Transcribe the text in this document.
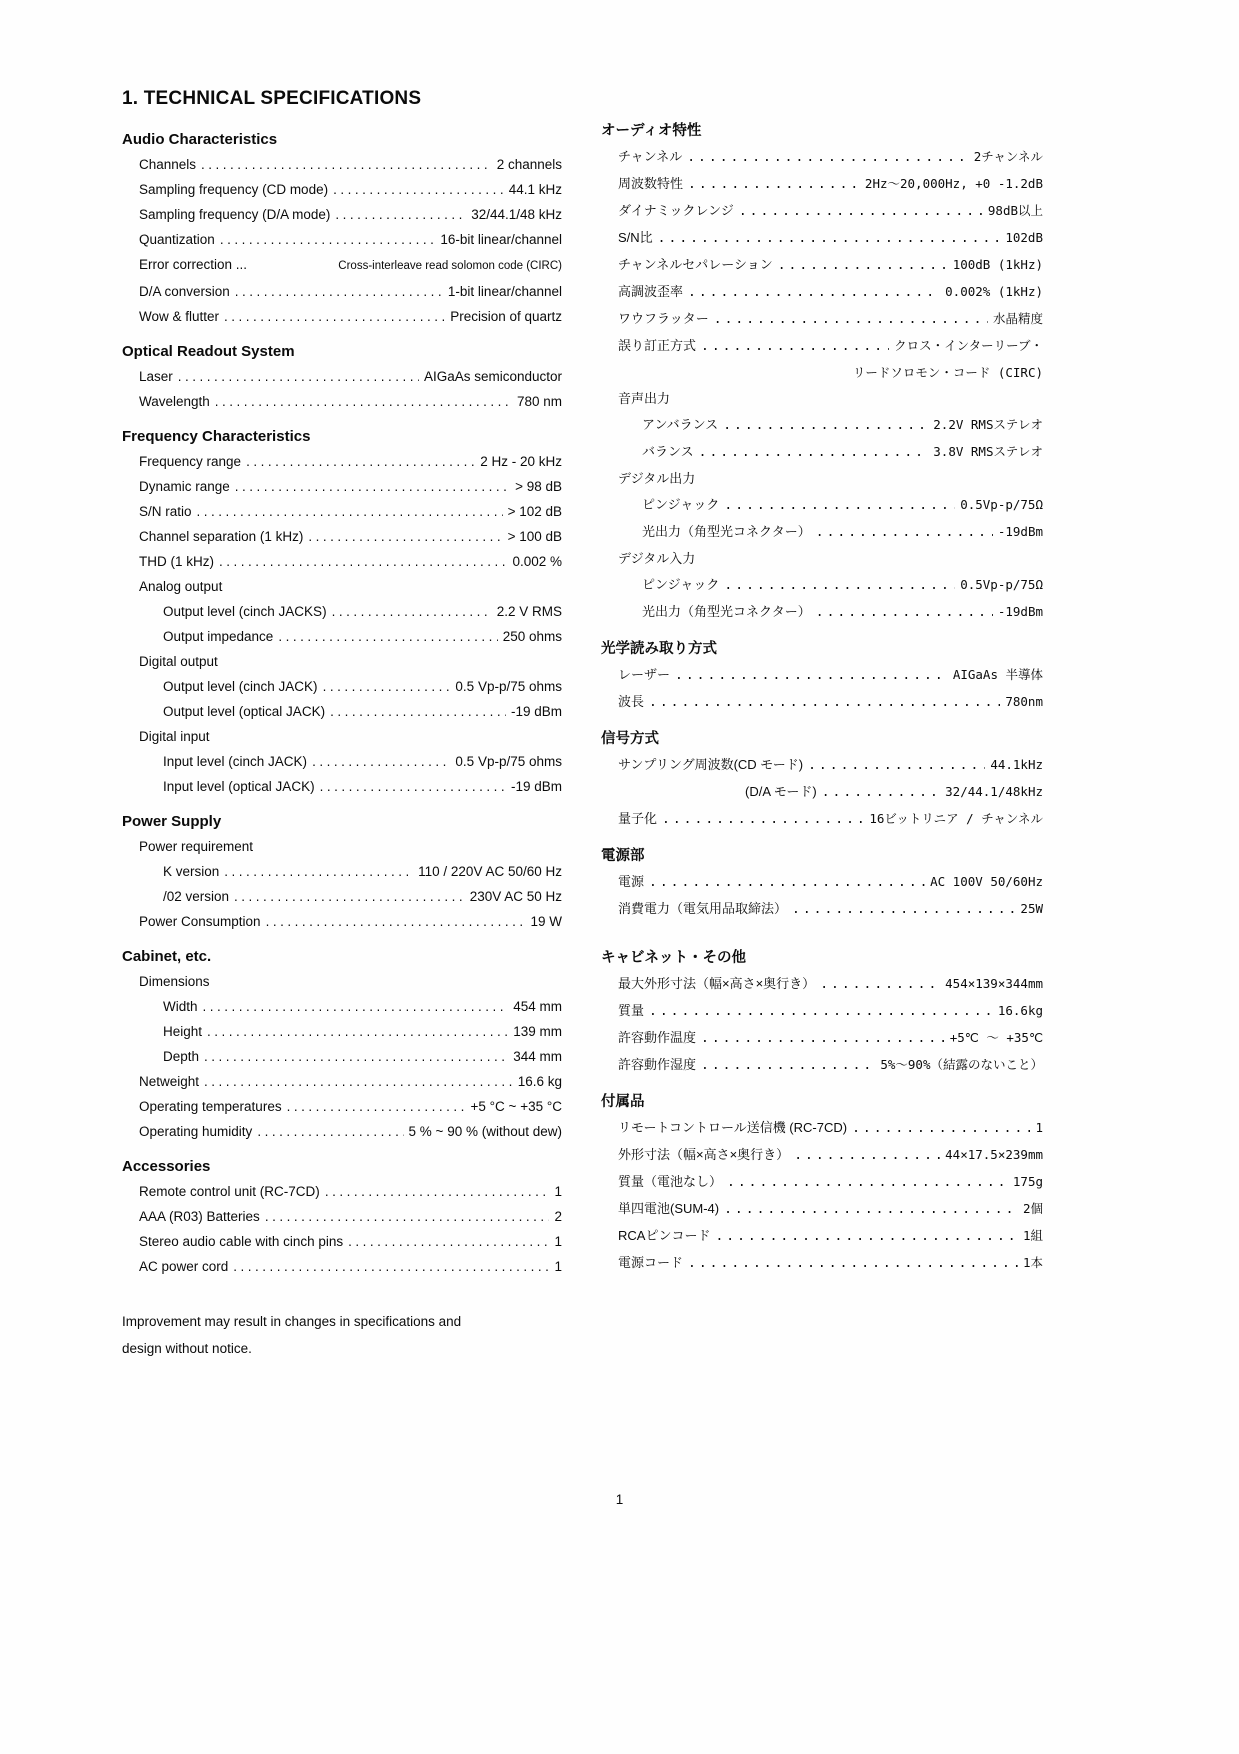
1. TECHNICAL SPECIFICATIONS
Audio Characteristics
Channels .....	2 channels
Sampling frequency (CD mode) .....	44.1 kHz
Sampling frequency (D/A mode) .....	32/44.1/48 kHz
Quantization .....	16-bit linear/channel
Error correction ...	Cross-interleave read solomon code (CIRC)
D/A conversion .....	1-bit linear/channel
Wow & flutter .....	Precision of quartz
Optical Readout System
Laser .....	AIGaAs semiconductor
Wavelength .....	780 nm
Frequency Characteristics
Frequency range .....	2 Hz - 20 kHz
Dynamic range .....	> 98 dB
S/N ratio .....	> 102 dB
Channel separation (1 kHz) .....	> 100 dB
THD (1 kHz) .....	0.002 %
Analog output
Output level (cinch JACKS) .....	2.2 V RMS
Output impedance .....	250 ohms
Digital output
Output level (cinch JACK) .....	0.5 Vp-p/75 ohms
Output level (optical JACK) .....	-19 dBm
Digital input
Input level (cinch JACK) .....	0.5 Vp-p/75 ohms
Input level (optical JACK) .....	-19 dBm
Power Supply
Power requirement
K version .....	110 / 220V AC 50/60 Hz
/02 version .....	230V AC 50 Hz
Power Consumption .....	19 W
Cabinet, etc.
Dimensions
Width .....	454 mm
Height .....	139 mm
Depth .....	344 mm
Netweight .....	16.6 kg
Operating temperatures .....	+5 °C ~ +35 °C
Operating humidity .....	5 % ~ 90 % (without dew)
Accessories
Remote control unit (RC-7CD) .....	1
AAA (R03) Batteries .....	2
Stereo audio cable with cinch pins .....	1
AC power cord .....	1
オーディオ特性
チャンネル .....	2チャンネル
周波数特性 .....	2Hz〜20,000Hz, +0 -1.2dB
ダイナミックレンジ .....	98dB以上
S/N比 .....	102dB
チャンネルセパレーション .....	100dB (1kHz)
高調波歪率 .....	0.002% (1kHz)
ワウフラッター .....	水晶精度
誤り訂正方式 .....	クロス・インターリーブ・
リードソロモン・コード (CIRC)
音声出力
アンバランス .....	2.2V RMSステレオ
バランス .....	3.8V RMSステレオ
デジタル出力
ピンジャック .....	0.5Vp-p/75Ω
光出力（角型光コネクター） .....	-19dBm
デジタル入力
ピンジャック .....	0.5Vp-p/75Ω
光出力（角型光コネクター） .....	-19dBm
光学読み取り方式
レーザー .....	AIGaAs 半導体
波長 .....	780nm
信号方式
サンプリング周波数(CD モード) .....	44.1kHz
(D/A モード) .....	32/44.1/48kHz
量子化 .....	16ビットリニア / チャンネル
電源部
電源 .....	AC 100V 50/60Hz
消費電力（電気用品取締法） .....	25W
キャビネット・その他
最大外形寸法（幅×高さ×奥行き） .....	454×139×344mm
質量 .....	16.6kg
許容動作温度 .....	+5℃ 〜 +35℃
許容動作湿度 .....	5%〜90%（結露のないこと）
付属品
リモートコントロール送信機 (RC-7CD) .....	1
外形寸法（幅×高さ×奥行き） .....	44×17.5×239mm
質量（電池なし） .....	175g
単四電池(SUM-4) .....	2個
RCAピンコード .....	1組
電源コード .....	1本

Improvement may result in changes in specifications and
design without notice.

1
